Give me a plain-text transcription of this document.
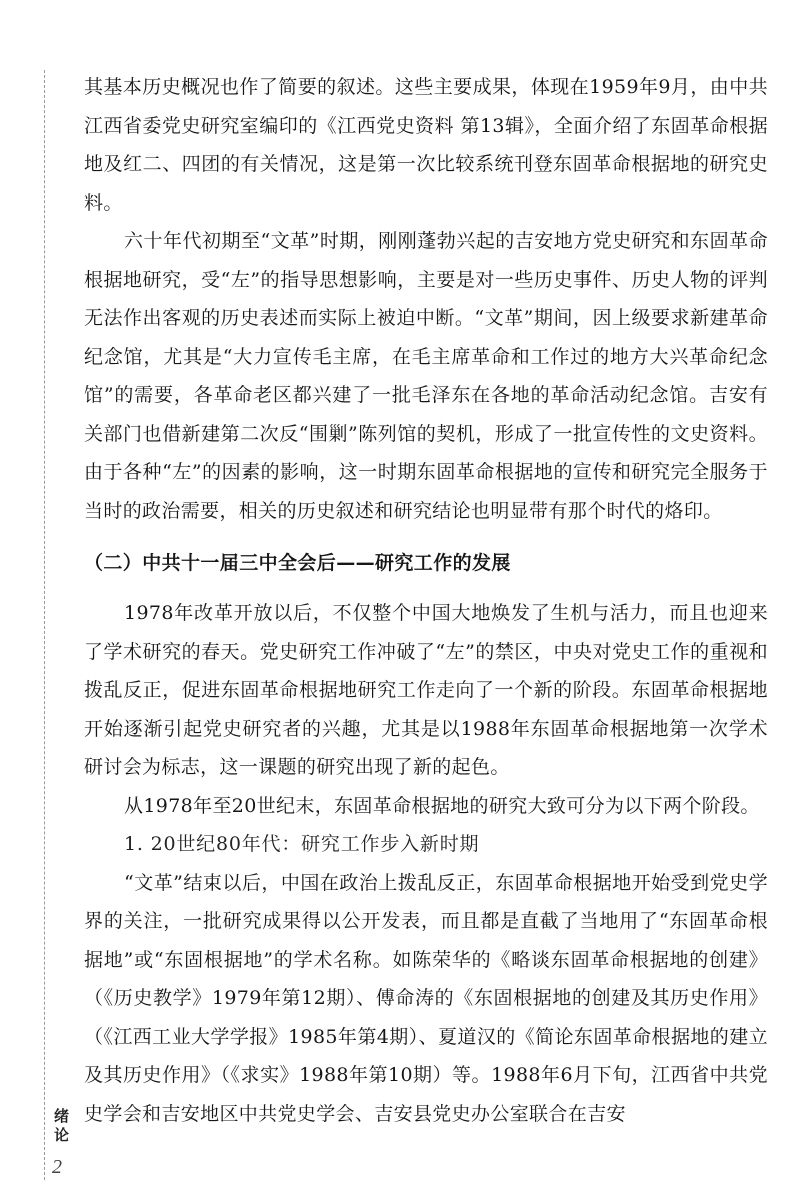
绪论
2

其基本历史概况也作了简要的叙述。这些主要成果，体现在1959年9月，由中共江西省委党史研究室编印的《江西党史资料 第13辑》，全面介绍了东固革命根据地及红二、四团的有关情况，这是第一次比较系统刊登东固革命根据地的研究史料。

六十年代初期至“文革”时期，刚刚蓬勃兴起的吉安地方党史研究和东固革命根据地研究，受“左”的指导思想影响，主要是对一些历史事件、历史人物的评判无法作出客观的历史表述而实际上被迫中断。“文革”期间，因上级要求新建革命纪念馆，尤其是“大力宣传毛主席，在毛主席革命和工作过的地方大兴革命纪念馆”的需要，各革命老区都兴建了一批毛泽东在各地的革命活动纪念馆。吉安有关部门也借新建第二次反“围剿”陈列馆的契机，形成了一批宣传性的文史资料。由于各种“左”的因素的影响，这一时期东固革命根据地的宣传和研究完全服务于当时的政治需要，相关的历史叙述和研究结论也明显带有那个时代的烙印。

（二）中共十一届三中全会后——研究工作的发展

1978年改革开放以后，不仅整个中国大地焕发了生机与活力，而且也迎来了学术研究的春天。党史研究工作冲破了“左”的禁区，中央对党史工作的重视和拨乱反正，促进东固革命根据地研究工作走向了一个新的阶段。东固革命根据地开始逐渐引起党史研究者的兴趣，尤其是以1988年东固革命根据地第一次学术研讨会为标志，这一课题的研究出现了新的起色。

从1978年至20世纪末，东固革命根据地的研究大致可分为以下两个阶段。

1. 20世纪80年代：研究工作步入新时期

“文革”结束以后，中国在政治上拨乱反正，东固革命根据地开始受到党史学界的关注，一批研究成果得以公开发表，而且都是直截了当地用了“东固革命根据地”或“东固根据地”的学术名称。如陈荣华的《略谈东固革命根据地的创建》（《历史教学》1979年第12期）、傅命涛的《东固根据地的创建及其历史作用》（《江西工业大学学报》1985年第4期）、夏道汉的《简论东固革命根据地的建立及其历史作用》（《求实》1988年第10期）等。1988年6月下旬，江西省中共党史学会和吉安地区中共党史学会、吉安县党史办公室联合在吉安
